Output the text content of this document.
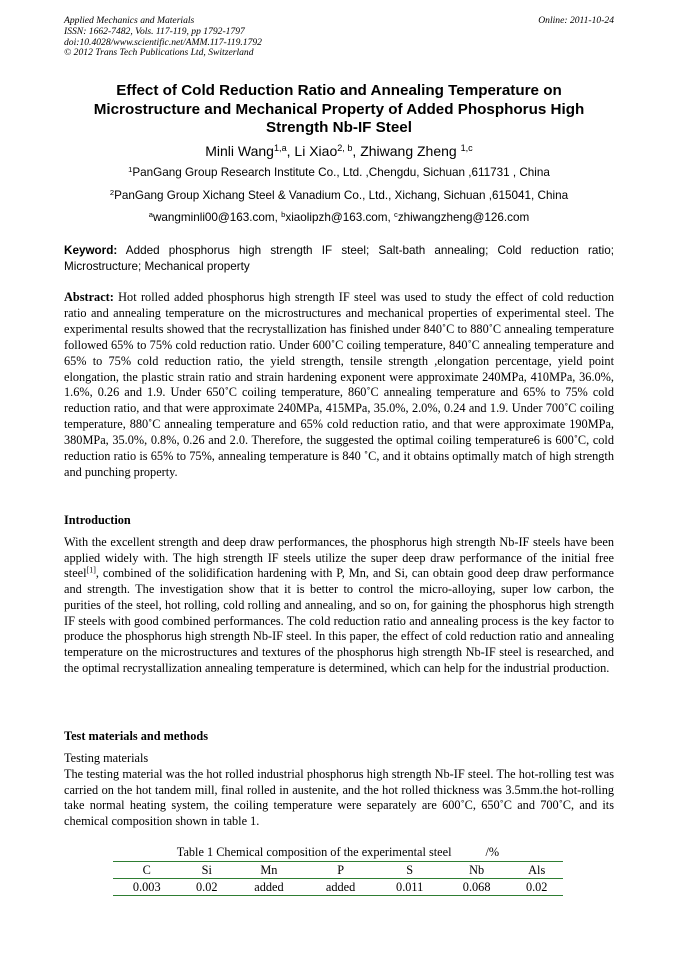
Applied Mechanics and Materials
ISSN: 1662-7482, Vols. 117-119, pp 1792-1797
doi:10.4028/www.scientific.net/AMM.117-119.1792
© 2012 Trans Tech Publications Ltd, Switzerland
Online: 2011-10-24
Effect of Cold Reduction Ratio and Annealing Temperature on Microstructure and Mechanical Property of Added Phosphorus High Strength Nb-IF Steel
Minli Wang$^{1,a}$, Li Xiao$^{2, b}$, Zhiwang Zheng $^{1,c}$
$^1$PanGang Group Research Institute Co., Ltd. ,Chengdu, Sichuan ,611731 , China
$^2$PanGang Group Xichang Steel & Vanadium Co., Ltd., Xichang, Sichuan ,615041, China
$^a$wangminli00@163.com, $^b$xiaolipzh@163.com, $^c$zhiwangzheng@126.com
Keyword: Added phosphorus high strength IF steel; Salt-bath annealing; Cold reduction ratio; Microstructure; Mechanical property
Abstract: Hot rolled added phosphorus high strength IF steel was used to study the effect of cold reduction ratio and annealing temperature on the microstructures and mechanical properties of experimental steel. The experimental results showed that the recrystallization has finished under 840˚C to 880˚C annealing temperature followed 65% to 75% cold reduction ratio. Under 600˚C coiling temperature, 840˚C annealing temperature and 65% to 75% cold reduction ratio, the yield strength, tensile strength ,elongation percentage, yield point elongation, the plastic strain ratio and strain hardening exponent were approximate 240MPa, 410MPa, 36.0%, 1.6%, 0.26 and 1.9. Under 650˚C coiling temperature, 860˚C annealing temperature and 65% to 75% cold reduction ratio, and that were approximate 240MPa, 415MPa, 35.0%, 2.0%, 0.24 and 1.9. Under 700˚C coiling temperature, 880˚C annealing temperature and 65% cold reduction ratio, and that were approximate 190MPa, 380MPa, 35.0%, 0.8%, 0.26 and 2.0. Therefore, the suggested the optimal coiling temperature6 is 600˚C, cold reduction ratio is 65% to 75%, annealing temperature is 840 ˚C, and it obtains optimally match of high strength and punching property.
Introduction
With the excellent strength and deep draw performances, the phosphorus high strength Nb-IF steels have been applied widely with. The high strength IF steels utilize the super deep draw performance of the initial free steel[1], combined of the solidification hardening with P, Mn, and Si, can obtain good deep draw performance and strength. The investigation show that it is better to control the micro-alloying, super low carbon, the purities of the steel, hot rolling, cold rolling and annealing, and so on, for gaining the phosphorus high strength IF steels with good combined performances. The cold reduction ratio and annealing process is the key factor to produce the phosphorus high strength Nb-IF steel. In this paper, the effect of cold reduction ratio and annealing temperature on the microstructures and textures of the phosphorus high strength Nb-IF steel is researched, and the optimal recrystallization annealing temperature is determined, which can help for the industrial production.
Test materials and methods
Testing materials
The testing material was the hot rolled industrial phosphorus high strength Nb-IF steel. The hot-rolling test was carried on the hot tandem mill, final rolled in austenite, and the hot rolled thickness was 3.5mm.the hot-rolling take normal heating system, the coiling temperature were separately are 600˚C, 650˚C and 700˚C, and its chemical composition shown in table 1.
Table 1 Chemical composition of the experimental steel	/%
C	Si	Mn	P	S	Nb	Als
0.003	0.02	added	added	0.011	0.068	0.02
